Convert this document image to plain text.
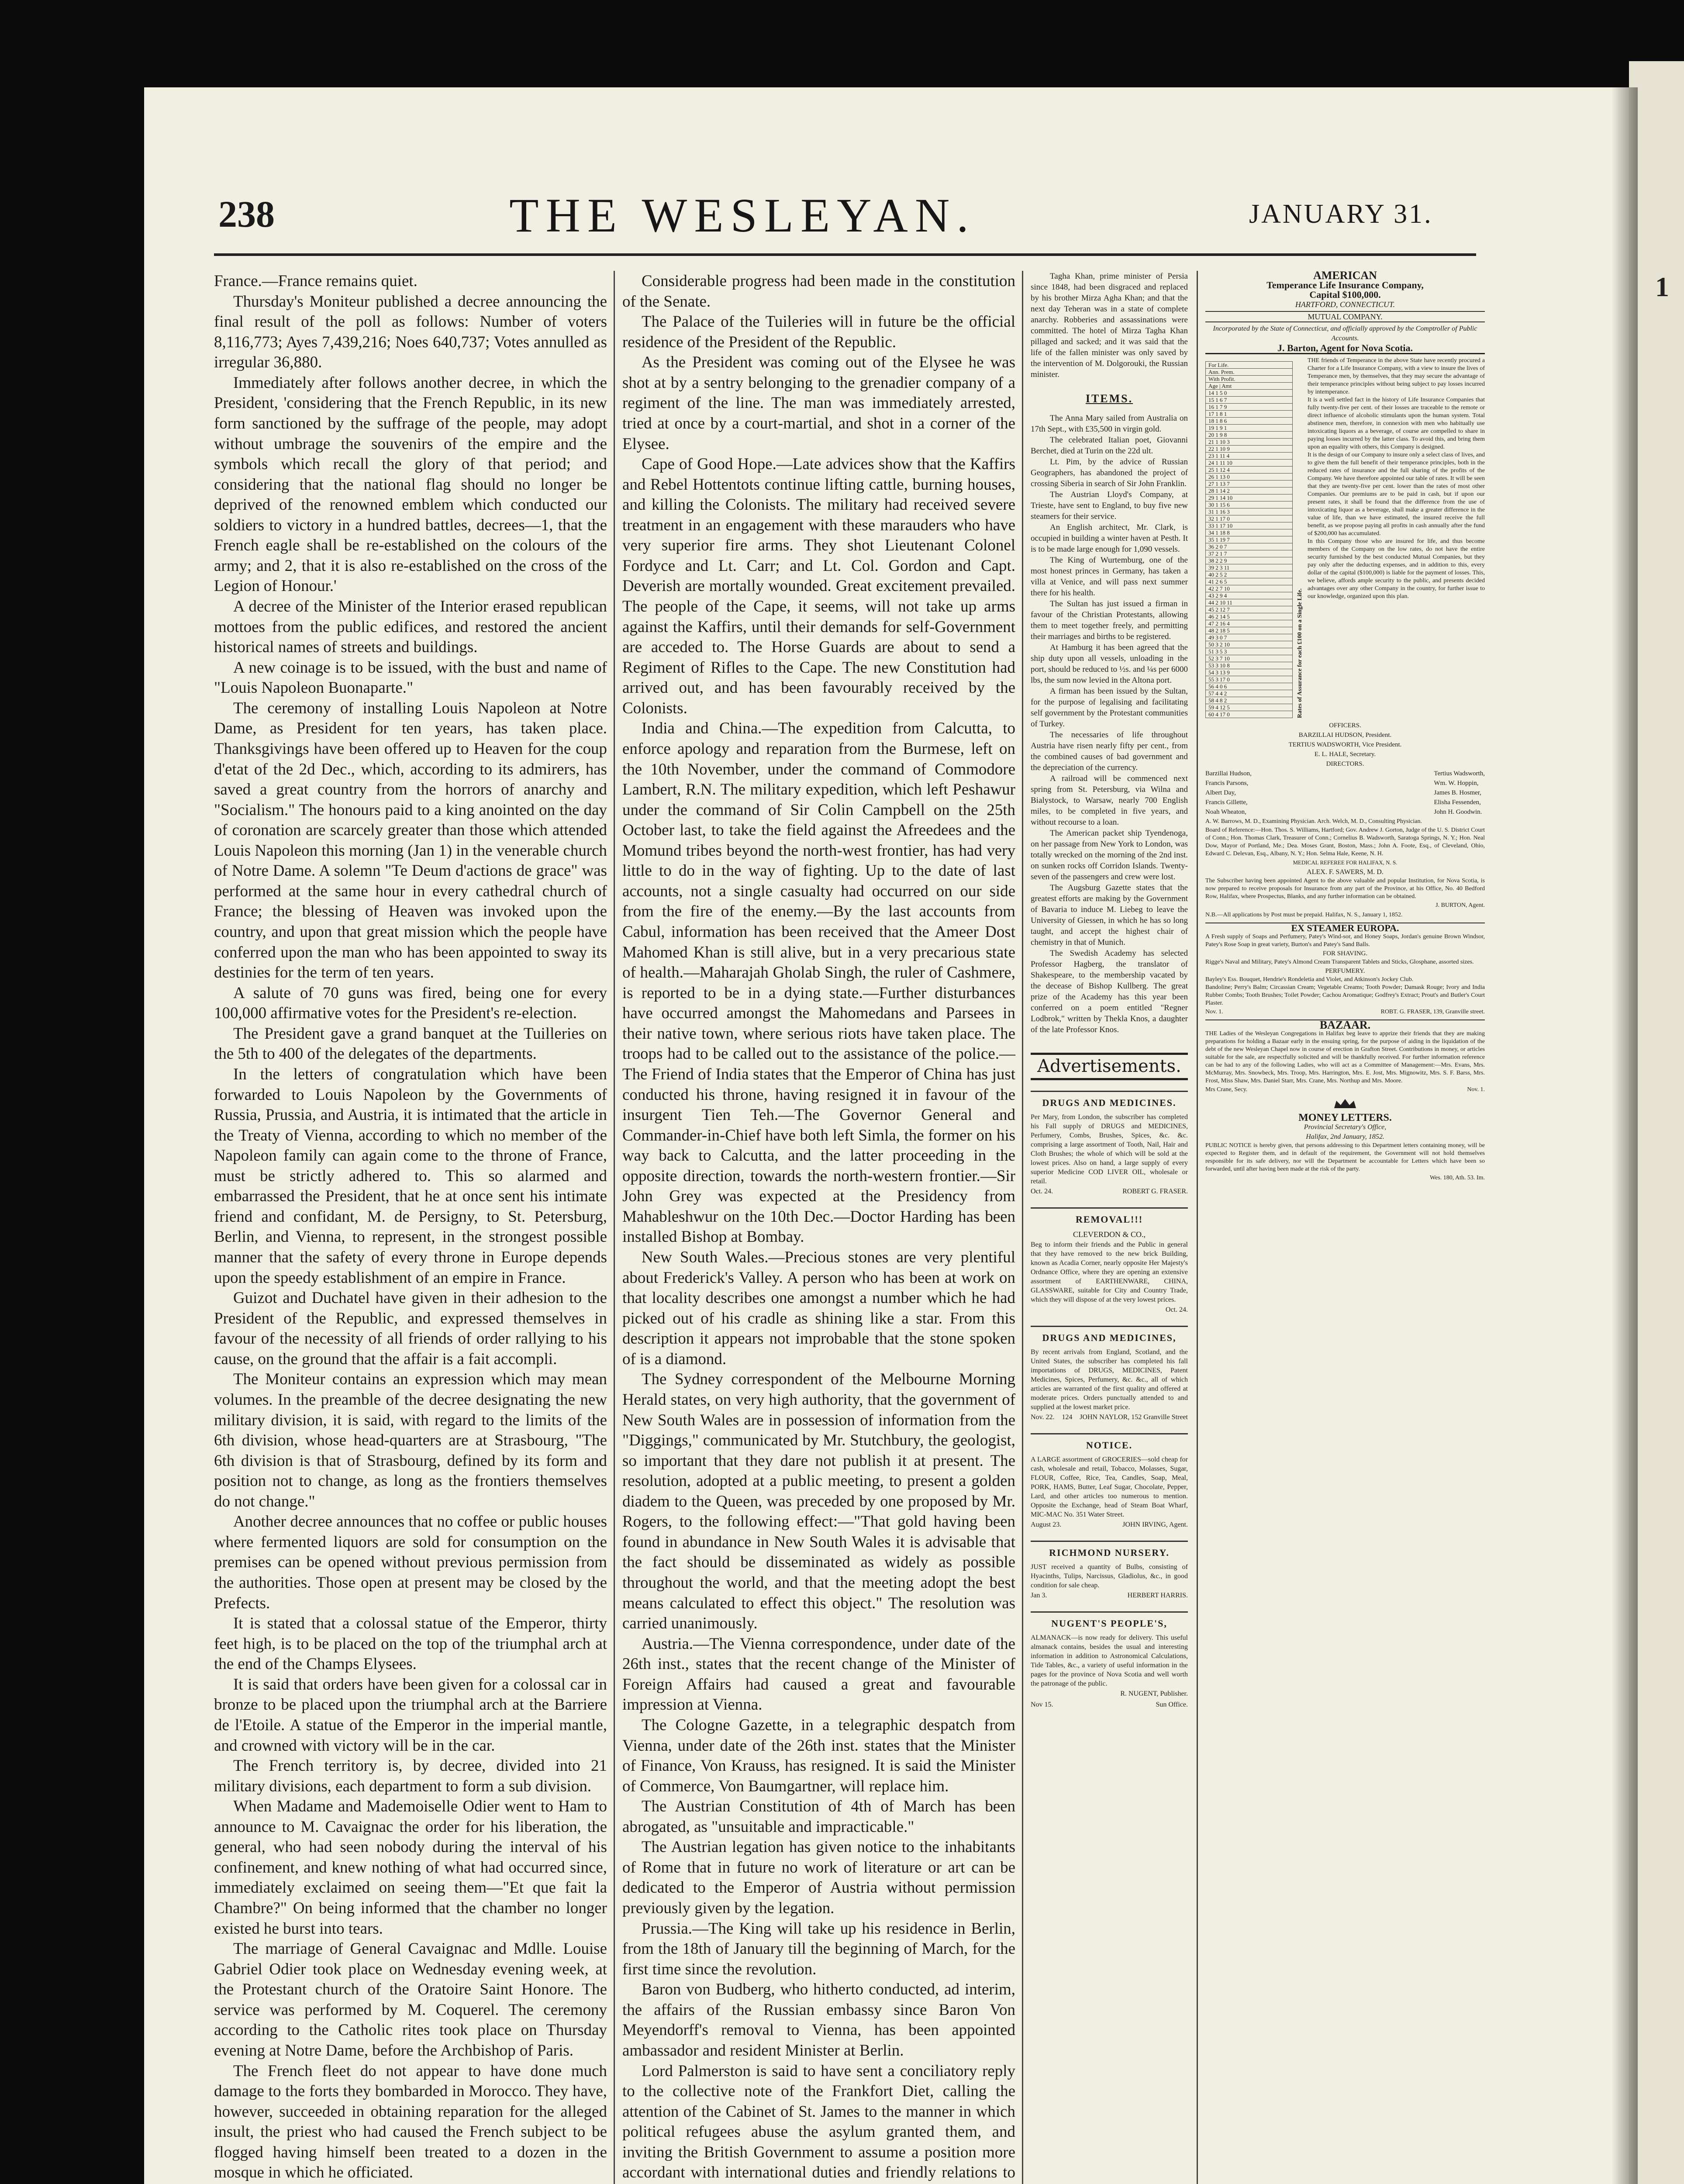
1
238	THE WESLEYAN.	JANUARY 31.

France.—France remains quiet.

Thursday's Moniteur published a decree announcing the final result of the poll as follows: Number of voters 8,116,773; Ayes 7,439,216; Noes 640,737; Votes annulled as irregular 36,880.

Immediately after follows another decree, in which the President, 'considering that the French Republic, in its new form sanctioned by the suffrage of the people, may adopt without umbrage the souvenirs of the empire and the symbols which recall the glory of that period; and considering that the national flag should no longer be deprived of the renowned emblem which conducted our soldiers to victory in a hundred battles, decrees—1, that the French eagle shall be re-established on the colours of the army; and 2, that it is also re-established on the cross of the Legion of Honour.'

A decree of the Minister of the Interior erased republican mottoes from the public edifices, and restored the ancient historical names of streets and buildings.

A new coinage is to be issued, with the bust and name of "Louis Napoleon Buonaparte."

The ceremony of installing Louis Napoleon at Notre Dame, as President for ten years, has taken place. Thanksgivings have been offered up to Heaven for the coup d'etat of the 2d Dec., which, according to its admirers, has saved a great country from the horrors of anarchy and "Socialism." The honours paid to a king anointed on the day of coronation are scarcely greater than those which attended Louis Napoleon this morning (Jan 1) in the venerable church of Notre Dame. A solemn "Te Deum d'actions de grace" was performed at the same hour in every cathedral church of France; the blessing of Heaven was invoked upon the country, and upon that great mission which the people have conferred upon the man who has been appointed to sway its destinies for the term of ten years.

A salute of 70 guns was fired, being one for every 100,000 affirmative votes for the President's re-election.

The President gave a grand banquet at the Tuilleries on the 5th to 400 of the delegates of the departments.

In the letters of congratulation which have been forwarded to Louis Napoleon by the Governments of Russia, Prussia, and Austria, it is intimated that the article in the Treaty of Vienna, according to which no member of the Napoleon family can again come to the throne of France, must be strictly adhered to. This so alarmed and embarrassed the President, that he at once sent his intimate friend and confidant, M. de Persigny, to St. Petersburg, Berlin, and Vienna, to represent, in the strongest possible manner that the safety of every throne in Europe depends upon the speedy establishment of an empire in France.

Guizot and Duchatel have given in their adhesion to the President of the Republic, and expressed themselves in favour of the necessity of all friends of order rallying to his cause, on the ground that the affair is a fait accompli.

The Moniteur contains an expression which may mean volumes. In the preamble of the decree designating the new military division, it is said, with regard to the limits of the 6th division, whose head-quarters are at Strasbourg, "The 6th division is that of Strasbourg, defined by its form and position not to change, as long as the frontiers themselves do not change."

Another decree announces that no coffee or public houses where fermented liquors are sold for consumption on the premises can be opened without previous permission from the authorities. Those open at present may be closed by the Prefects.

It is stated that a colossal statue of the Emperor, thirty feet high, is to be placed on the top of the triumphal arch at the end of the Champs Elysees.

It is said that orders have been given for a colossal car in bronze to be placed upon the triumphal arch at the Barriere de l'Etoile. A statue of the Emperor in the imperial mantle, and crowned with victory will be in the car.

The French territory is, by decree, divided into 21 military divisions, each department to form a sub division.

When Madame and Mademoiselle Odier went to Ham to announce to M. Cavaignac the order for his liberation, the general, who had seen nobody during the interval of his confinement, and knew nothing of what had occurred since, immediately exclaimed on seeing them—"Et que fait la Chambre?" On being informed that the chamber no longer existed he burst into tears.

The marriage of General Cavaignac and Mdlle. Louise Gabriel Odier took place on Wednesday evening week, at the Protestant church of the Oratoire Saint Honore. The service was performed by M. Coquerel. The ceremony according to the Catholic rites took place on Thursday evening at Notre Dame, before the Archbishop of Paris.

The French fleet do not appear to have done much damage to the forts they bombarded in Morocco. They have, however, succeeded in obtaining reparation for the alleged insult, the priest who had caused the French subject to be flogged having himself been treated to a dozen in the mosque in which he officiated.

Considerable progress had been made in the constitution of the Senate.

The Palace of the Tuileries will in future be the official residence of the President of the Republic.

As the President was coming out of the Elysee he was shot at by a sentry belonging to the grenadier company of a regiment of the line. The man was immediately arrested, tried at once by a court-martial, and shot in a corner of the Elysee.

Cape of Good Hope.—Late advices show that the Kaffirs and Rebel Hottentots continue lifting cattle, burning houses, and killing the Colonists. The military had received severe treatment in an engagement with these marauders who have very superior fire arms. They shot Lieutenant Colonel Fordyce and Lt. Carr; and Lt. Col. Gordon and Capt. Deverish are mortally wounded. Great excitement prevailed. The people of the Cape, it seems, will not take up arms against the Kaffirs, until their demands for self-Government are acceded to. The Horse Guards are about to send a Regiment of Rifles to the Cape. The new Constitution had arrived out, and has been favourably received by the Colonists.

India and China.—The expedition from Calcutta, to enforce apology and reparation from the Burmese, left on the 10th November, under the command of Commodore Lambert, R.N. The military expedition, which left Peshawur under the command of Sir Colin Campbell on the 25th October last, to take the field against the Afreedees and the Momund tribes beyond the north-west frontier, has had very little to do in the way of fighting. Up to the date of last accounts, not a single casualty had occurred on our side from the fire of the enemy.—By the last accounts from Cabul, information has been received that the Ameer Dost Mahomed Khan is still alive, but in a very precarious state of health.—Maharajah Gholab Singh, the ruler of Cashmere, is reported to be in a dying state.—Further disturbances have occurred amongst the Mahomedans and Parsees in their native town, where serious riots have taken place. The troops had to be called out to the assistance of the police.—The Friend of India states that the Emperor of China has just conducted his throne, having resigned it in favour of the insurgent Tien Teh.—The Governor General and Commander-in-Chief have both left Simla, the former on his way back to Calcutta, and the latter proceeding in the opposite direction, towards the north-western frontier.—Sir John Grey was expected at the Presidency from Mahableshwur on the 10th Dec.—Doctor Harding has been installed Bishop at Bombay.

New South Wales.—Precious stones are very plentiful about Frederick's Valley. A person who has been at work on that locality describes one amongst a number which he had picked out of his cradle as shining like a star. From this description it appears not improbable that the stone spoken of is a diamond.

The Sydney correspondent of the Melbourne Morning Herald states, on very high authority, that the government of New South Wales are in possession of information from the "Diggings," communicated by Mr. Stutchbury, the geologist, so important that they dare not publish it at present. The resolution, adopted at a public meeting, to present a golden diadem to the Queen, was preceded by one proposed by Mr. Rogers, to the following effect:—"That gold having been found in abundance in New South Wales it is advisable that the fact should be disseminated as widely as possible throughout the world, and that the meeting adopt the best means calculated to effect this object." The resolution was carried unanimously.

Austria.—The Vienna correspondence, under date of the 26th inst., states that the recent change of the Minister of Foreign Affairs had caused a great and favourable impression at Vienna.

The Cologne Gazette, in a telegraphic despatch from Vienna, under date of the 26th inst. states that the Minister of Finance, Von Krauss, has resigned. It is said the Minister of Commerce, Von Baumgartner, will replace him.

The Austrian Constitution of 4th of March has been abrogated, as "unsuitable and impracticable."

The Austrian legation has given notice to the inhabitants of Rome that in future no work of literature or art can be dedicated to the Emperor of Austria without permission previously given by the legation.

Prussia.—The King will take up his residence in Berlin, from the 18th of January till the beginning of March, for the first time since the revolution.

Baron von Budberg, who hitherto conducted, ad interim, the affairs of the Russian embassy since Baron Von Meyendorff's removal to Vienna, has been appointed ambassador and resident Minister at Berlin.

Lord Palmerston is said to have sent a conciliatory reply to the collective note of the Frankfort Diet, calling the attention of the Cabinet of St. James to the manner in which political refugees abuse the asylum granted them, and inviting the British Government to assume a position more accordant with international duties and friendly relations to

Tagha Khan, prime minister of Persia since 1848, had been disgraced and replaced by his brother Mirza Agha Khan; and that the next day Teheran was in a state of complete anarchy. Robberies and assassinations were committed. The hotel of Mirza Tagha Khan pillaged and sacked; and it was said that the life of the fallen minister was only saved by the intervention of M. Dolgorouki, the Russian minister.

ITEMS.

The Anna Mary sailed from Australia on 17th Sept., with £35,500 in virgin gold.

The celebrated Italian poet, Giovanni Berchet, died at Turin on the 22d ult.

Lt. Pim, by the advice of Russian Geographers, has abandoned the project of crossing Siberia in search of Sir John Franklin.

The Austrian Lloyd's Company, at Trieste, have sent to England, to buy five new steamers for their service.

An English architect, Mr. Clark, is occupied in building a winter haven at Pesth. It is to be made large enough for 1,090 vessels.

The King of Wurtemburg, one of the most honest princes in Germany, has taken a villa at Venice, and will pass next summer there for his health.

The Sultan has just issued a firman in favour of the Christian Protestants, allowing them to meet together freely, and permitting their marriages and births to be registered.

At Hamburg it has been agreed that the ship duty upon all vessels, unloading in the port, should be reduced to ½s. and ¼s per 6000 lbs, the sum now levied in the Altona port.

A firman has been issued by the Sultan, for the purpose of legalising and facilitating self government by the Protestant communities of Turkey.

The necessaries of life throughout Austria have risen nearly fifty per cent., from the combined causes of bad government and the depreciation of the currency.

A railroad will be commenced next spring from St. Petersburg, via Wilna and Bialystock, to Warsaw, nearly 700 English miles, to be completed in five years, and without recourse to a loan.

The American packet ship Tyendenoga, on her passage from New York to London, was totally wrecked on the morning of the 2nd inst. on sunken rocks off Corridon Islands. Twenty-seven of the passengers and crew were lost.

The Augsburg Gazette states that the greatest efforts are making by the Government of Bavaria to induce M. Liebeg to leave the University of Giessen, in which he has so long taught, and accept the highest chair of chemistry in that of Munich.

The Swedish Academy has selected Professor Hagberg, the translator of Shakespeare, to the membership vacated by the decease of Bishop Kullberg. The great prize of the Academy has this year been conferred on a poem entitled "Regner Lodbrok," written by Thekla Knos, a daughter of the late Professor Knos.

Advertisements.
DRUGS AND MEDICINES.
Per Mary, from London, the subscriber has completed his Fall supply of DRUGS and MEDICINES, Perfumery, Combs, Brushes, Spices, &c. &c. comprising a large assortment of Tooth, Nail, Hair and Cloth Brushes; the whole of which will be sold at the lowest prices. Also on hand, a large supply of every superior Medicine COD LIVER OIL, wholesale or retail.
Oct. 24.	ROBERT G. FRASER.
REMOVAL!!!
CLEVERDON & CO.,
Beg to inform their friends and the Public in general that they have removed to the new brick Building, known as Acadia Corner, nearly opposite Her Majesty's Ordnance Office, where they are opening an extensive assortment of EARTHENWARE, CHINA, GLASSWARE, suitable for City and Country Trade, which they will dispose of at the very lowest prices.
Oct. 24.
DRUGS AND MEDICINES,
By recent arrivals from England, Scotland, and the United States, the subscriber has completed his fall importations of DRUGS, MEDICINES, Patent Medicines, Spices, Perfumery, &c. &c., all of which articles are warranted of the first quality and offered at moderate prices. Orders punctually attended to and supplied at the lowest market price.
Nov. 22. 124 JOHN NAYLOR, 152 Granville Street
NOTICE.
A LARGE assortment of GROCERIES—sold cheap for cash, wholesale and retail, Tobacco, Molasses, Sugar, FLOUR, Coffee, Rice, Tea, Candles, Soap, Meal, PORK, HAMS, Butter, Leaf Sugar, Chocolate, Pepper, Lard, and other articles too numerous to mention. Opposite the Exchange, head of Steam Boat Wharf, MIC-MAC No. 351 Water Street.
August 23.	JOHN IRVING, Agent.
RICHMOND NURSERY.
JUST received a quantity of Bulbs, consisting of Hyacinths, Tulips, Narcissus, Gladiolus, &c., in good condition for sale cheap.
Jan 3.	HERBERT HARRIS.
NUGENT'S PEOPLE'S,
ALMANACK—is now ready for delivery. This useful almanack contains, besides the usual and interesting information in addition to Astronomical Calculations, Tide Tables, &c., a variety of useful information in the pages for the province of Nova Scotia and well worth the patronage of the public.
R. NUGENT, Publisher.
Nov 15.	Sun Office.
AMERICAN
Temperance Life Insurance Company,
Capital $100,000.
HARTFORD, CONNECTICUT.
MUTUAL COMPANY.
Incorporated by the State of Connecticut, and officially approved by the Comptroller of Public Accounts.
J. Barton, Agent for Nova Scotia.
For Life.
Ann. Prem.
With Profit.
Age | Amt
14 1 5 0
15 1 6 7
16 1 7 9
17 1 8 1
18 1 8 6
19 1 9 1
20 1 9 8
21 1 10 3
22 1 10 9
23 1 11 4
24 1 11 10
25 1 12 4
26 1 13 0
27 1 13 7
28 1 14 2
29 1 14 10
30 1 15 6
31 1 16 3
32 1 17 0
33 1 17 10
34 1 18 8
35 1 19 7
36 2 0 7
37 2 1 7
38 2 2 9
39 2 3 11
40 2 5 2
41 2 6 5
42 2 7 10
43 2 9 4
44 2 10 11
45 2 12 7
46 2 14 5
47 2 16 4
48 2 18 5
49 3 0 7
50 3 2 10
51 3 5 3
52 3 7 10
53 3 10 8
54 3 13 9
55 3 17 0
56 4 0 6
57 4 4 2
58 4 8 2
59 4 12 5
60 4 17 0	Rates of Assurance for each £100 on a Single Life.
THE friends of Temperance in the above State have recently procured a Charter for a Life Insurance Company, with a view to insure the lives of Temperance men, by themselves, that they may secure the advantage of their temperance principles without being subject to pay losses incurred by intemperance.
It is a well settled fact in the history of Life Insurance Companies that fully twenty-five per cent. of their losses are traceable to the remote or direct influence of alcoholic stimulants upon the human system. Total abstinence men, therefore, in connexion with men who habitually use intoxicating liquors as a beverage, of course are compelled to share in paying losses incurred by the latter class. To avoid this, and bring them upon an equality with others, this Company is designed.
It is the design of our Company to insure only a select class of lives, and to give them the full benefit of their temperance principles, both in the reduced rates of insurance and the full sharing of the profits of the Company. We have therefore appointed our table of rates. It will be seen that they are twenty-five per cent. lower than the rates of most other Companies. Our premiums are to be paid in cash, but if upon our present rates, it shall be found that the difference from the use of intoxicating liquor as a beverage, shall make a greater difference in the value of life, than we have estimated, the insured receive the full benefit, as we propose paying all profits in cash annually after the fund of $200,000 has accumulated.
In this Company those who are insured for life, and thus become members of the Company on the low rates, do not have the entire security furnished by the best conducted Mutual Companies, but they pay only after the deducting expenses, and in addition to this, every dollar of the capital ($100,000) is liable for the payment of losses. This, we believe, affords ample security to the public, and presents decided advantages over any other Company in the country, for further issue to our knowledge, organized upon this plan.
OFFICERS.
BARZILLAI HUDSON, President.
TERTIUS WADSWORTH, Vice President.
E. L. HALE, Secretary.
DIRECTORS.
Barzillai Hudson,
Francis Parsons,
Albert Day,
Francis Gillette,
Noah Wheaton,
Tertius Wadsworth,
Wm. W. Hoppin,
James B. Hosmer,
Elisha Fessenden,
John H. Goodwin.
A. W. Barrows, M. D., Examining Physician. Arch. Welch, M. D., Consulting Physician.
Board of Reference:—Hon. Thos. S. Williams, Hartford; Gov. Andrew J. Gorton, Judge of the U. S. District Court of Conn.; Hon. Thomas Clark, Treasurer of Conn.; Cornelius B. Wadsworth, Saratoga Springs, N. Y.; Hon. Neal Dow, Mayor of Portland, Me.; Dea. Moses Grant, Boston, Mass.; John A. Foote, Esq., of Cleveland, Ohio, Edward C. Delevan, Esq., Albany, N. Y.; Hon. Selma Hale, Keene, N. H.
MEDICAL REFEREE FOR HALIFAX, N. S.
ALEX. F. SAWERS, M. D.
The Subscriber having been appointed Agent to the above valuable and popular Institution, for Nova Scotia, is now prepared to receive proposals for Insurance from any part of the Province, at his Office, No. 40 Bedford Row, Halifax, where Prospectus, Blanks, and any further information can be obtained.
J. BURTON, Agent.
N.B.—All applications by Post must be prepaid. Halifax, N. S., January 1, 1852.
EX STEAMER EUROPA.
A Fresh supply of Soaps and Perfumery, Patey's Wind-sor, and Honey Soaps, Jordan's genuine Brown Windsor, Patey's Rose Soap in great variety, Burton's and Patey's Sand Balls.
FOR SHAVING.
Rigge's Naval and Military, Patey's Almond Cream Transparent Tablets and Sticks, Glosphane, assorted sizes.
PERFUMERY.
Bayley's Ess. Bouquet, Hendrie's Rondeletia and Violet, and Atkinson's Jockey Club.
Bandoline; Perry's Balm; Circassian Cream; Vegetable Creams; Tooth Powder; Damask Rouge; Ivory and India Rubber Combs; Tooth Brushes; Toilet Powder; Cachou Aromatique; Godfrey's Extract; Prout's and Butler's Court Plaster.
Nov. 1.	ROBT. G. FRASER, 139, Granville street.
BAZAAR.
THE Ladies of the Wesleyan Congregations in Halifax beg leave to apprize their friends that they are making preparations for holding a Bazaar early in the ensuing spring, for the purpose of aiding in the liquidation of the debt of the new Wesleyan Chapel now in course of erection in Grafton Street. Contributions in money, or articles suitable for the sale, are respectfully solicited and will be thankfully received. For further information reference can be had to any of the following Ladies, who will act as a Committee of Management:—Mrs. Evans, Mrs. McMurray, Mrs. Snowbeck, Mrs. Troop, Mrs. Harrington, Mrs. E. Jost, Mrs. Mignowitz, Mrs. S. F. Barss, Mrs. Frost, Miss Shaw, Mrs. Daniel Starr, Mrs. Crane, Mrs. Northup and Mrs. Moore.
Mrs Crane, Secy.	Nov. 1.
MONEY LETTERS.
Provincial Secretary's Office,
Halifax, 2nd January, 1852.
PUBLIC NOTICE is hereby given, that persons addressing to this Department letters containing money, will be expected to Register them, and in default of the requirement, the Government will not hold themselves responsible for its safe delivery, nor will the Department be accountable for Letters which have been so forwarded, until after having been made at the risk of the party.
Wes. 180, Ath. 53. Im.
